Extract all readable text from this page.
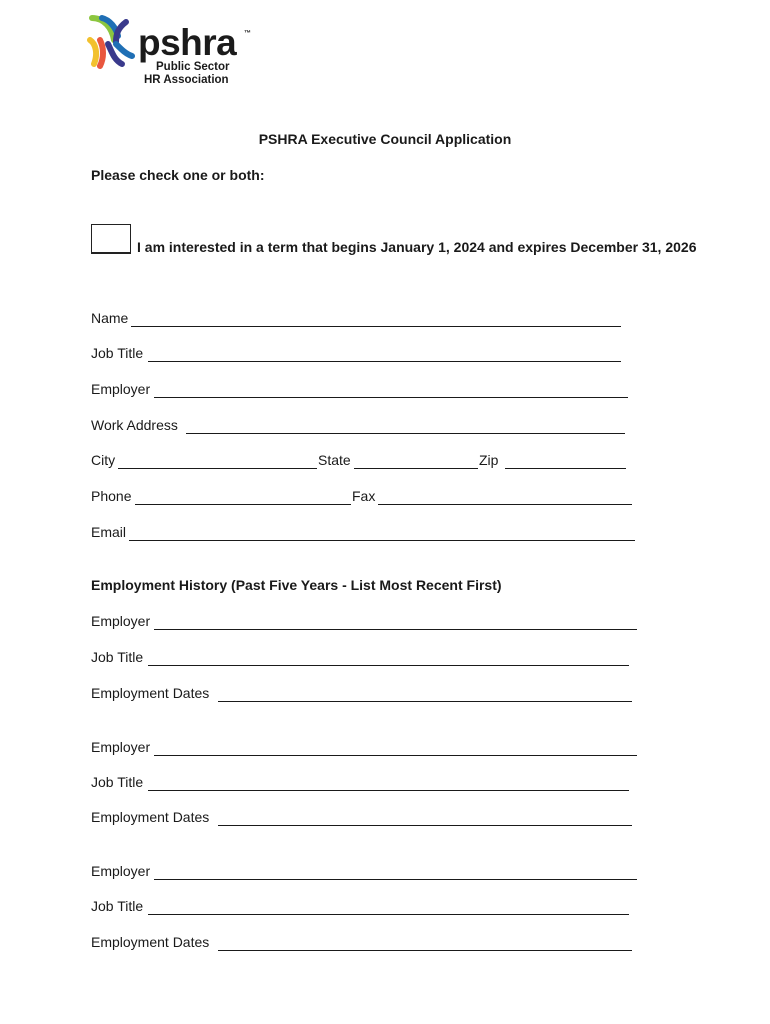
pshra ™
Public Sector
HR Association
PSHRA Executive Council Application
Please check one or both:
I am interested in a term that begins January 1, 2024 and expires December 31, 2026
Name
Job Title
Employer
Work Address
City	State	Zip
Phone	Fax
Email
Employment History (Past Five Years - List Most Recent First)
Employer
Job Title
Employment Dates
Employer
Job Title
Employment Dates
Employer
Job Title
Employment Dates
